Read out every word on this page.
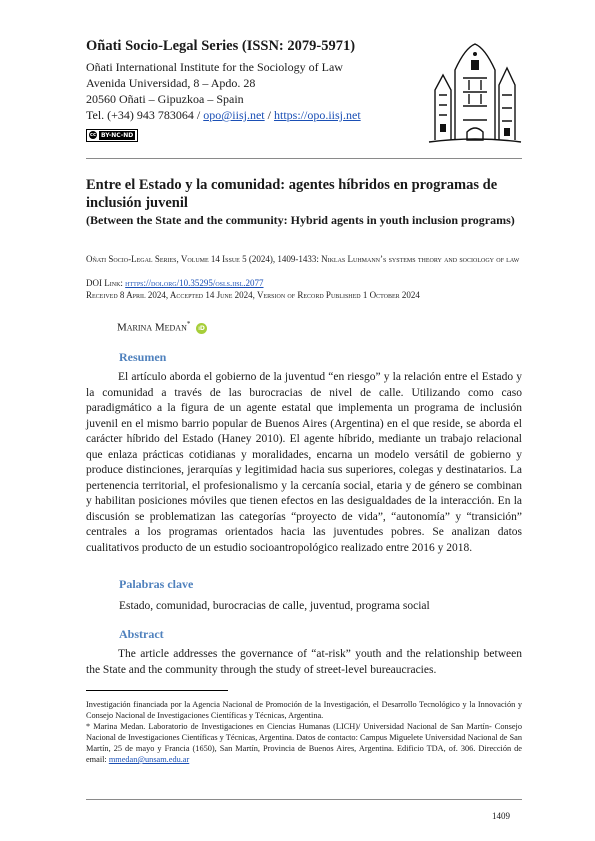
Oñati Socio-Legal Series (ISSN: 2079-5971)
Oñati International Institute for the Sociology of Law
Avenida Universidad, 8 – Apdo. 28
20560 Oñati – Gipuzkoa – Spain
Tel. (+34) 943 783064 / opo@iisj.net / https://opo.iisj.net
cc BY-NC-ND
Entre el Estado y la comunidad: agentes híbridos en programas de inclusión juvenil
(Between the State and the community: Hybrid agents in youth inclusion programs)
Oñati Socio-Legal Series, Volume 14 Issue 5 (2024), 1409-1433: Niklas Luhmann’s systems theory and sociology of law
DOI Link: https://doi.org/10.35295/osls.iisl.2077
Received 8 April 2024, Accepted 14 June 2024, Version of Record Published 1 October 2024
Marina Medan* iD
Resumen

El artículo aborda el gobierno de la juventud “en riesgo” y la relación entre el Estado y la comunidad a través de las burocracias de nivel de calle. Utilizando como caso paradigmático a la figura de un agente estatal que implementa un programa de inclusión juvenil en el mismo barrio popular de Buenos Aires (Argentina) en el que reside, se aborda el carácter híbrido del Estado (Haney 2010). El agente híbrido, mediante un trabajo relacional que enlaza prácticas cotidianas y moralidades, encarna un modelo versátil de gobierno y produce distinciones, jerarquías y legitimidad hacia sus superiores, colegas y destinatarios. La pertenencia territorial, el profesionalismo y la cercanía social, etaria y de género se combinan y habilitan posiciones móviles que tienen efectos en las desigualdades de la interacción. En la discusión se problematizan las categorías “proyecto de vida”, “autonomía” y “transición” centrales a los programas orientados hacia las juventudes pobres. Se analizan datos cualitativos producto de un estudio socioantropológico realizado entre 2016 y 2018.

Palabras clave
Estado, comunidad, burocracias de calle, juventud, programa social
Abstract

The article addresses the governance of “at-risk” youth and the relationship between the State and the community through the study of street-level bureaucracies.

Investigación financiada por la Agencia Nacional de Promoción de la Investigación, el Desarrollo Tecnológico y la Innovación y Consejo Nacional de Investigaciones Científicas y Técnicas, Argentina.

* Marina Medan. Laboratorio de Investigaciones en Ciencias Humanas (LICH)/ Universidad Nacional de San Martín- Consejo Nacional de Investigaciones Científicas y Técnicas, Argentina. Datos de contacto: Campus Miguelete Universidad Nacional de San Martín, 25 de mayo y Francia (1650), San Martín, Provincia de Buenos Aires, Argentina. Edificio TDA, of. 306. Dirección de email: mmedan@unsam.edu.ar

1409
